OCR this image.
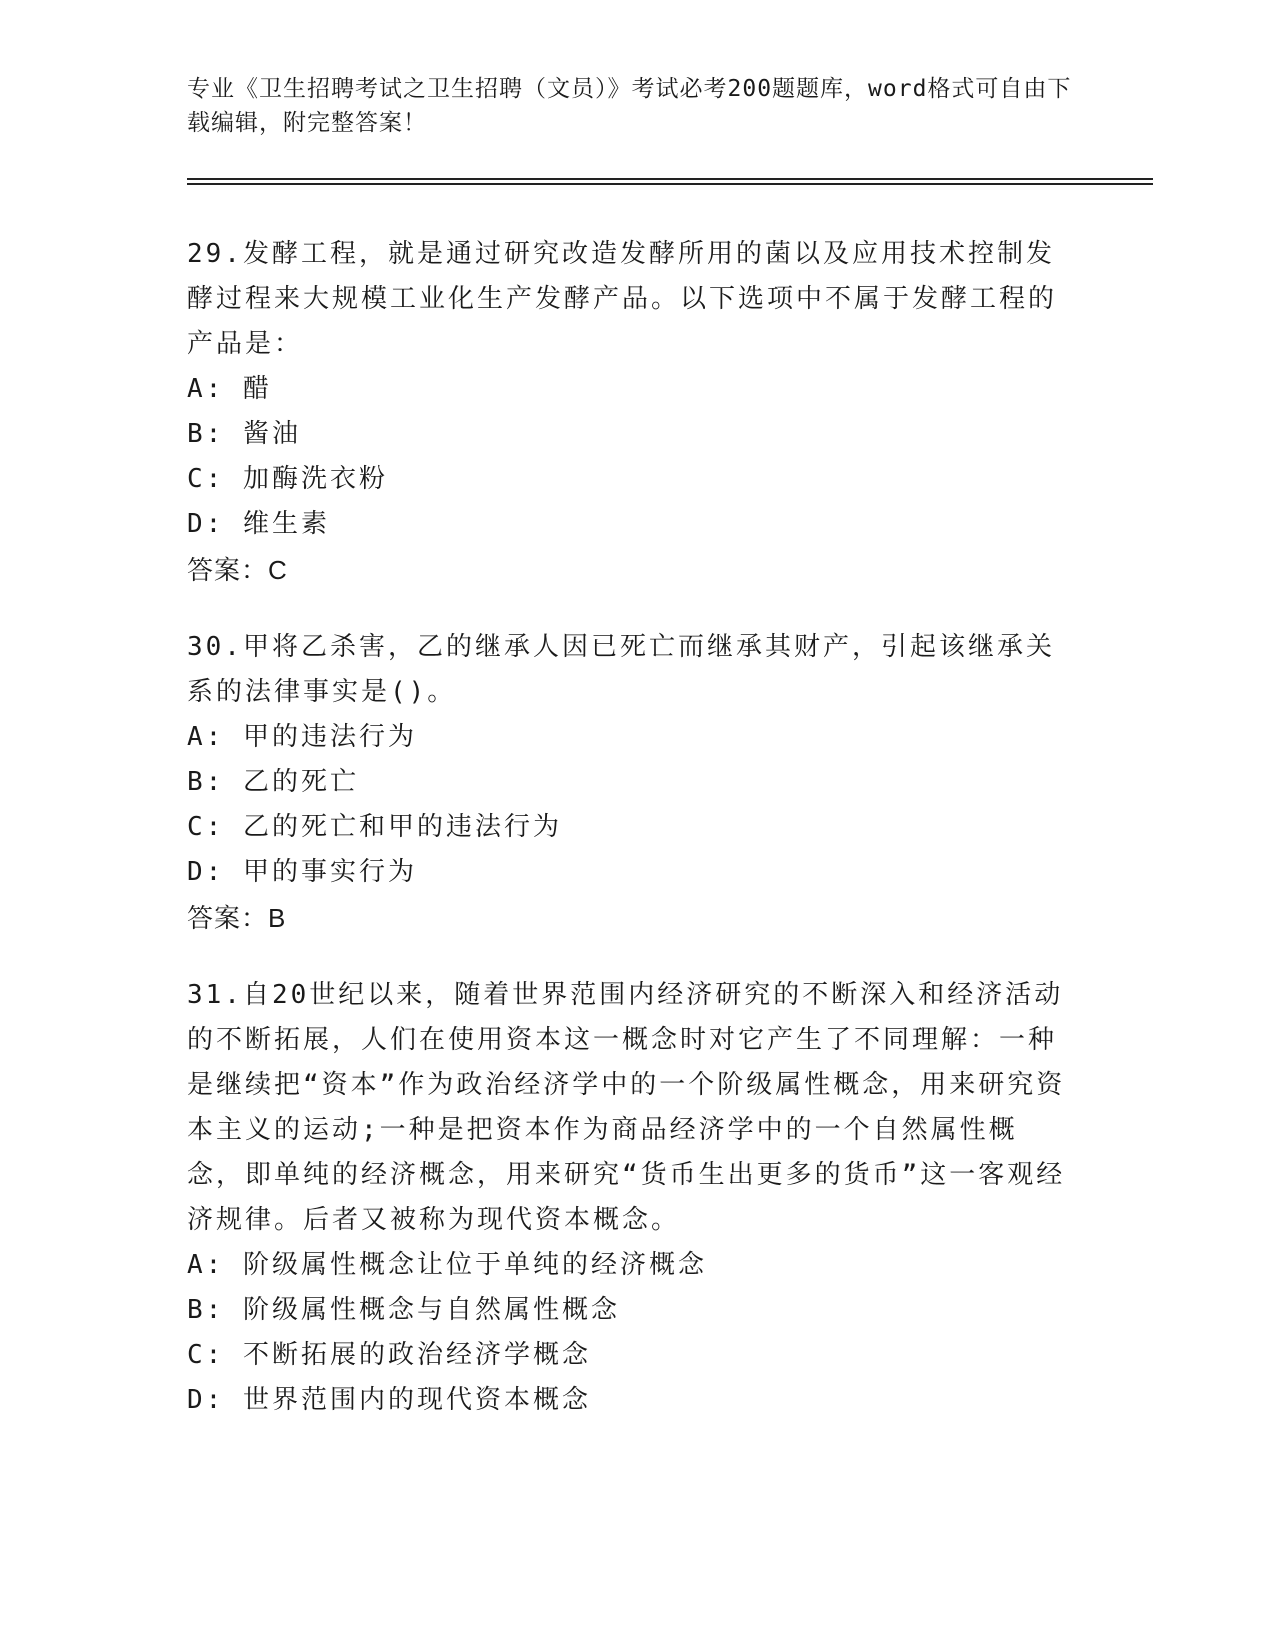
专业《卫生招聘考试之卫生招聘（文员）》考试必考200题题库，word格式可自由下载编辑，附完整答案！

29.发酵工程，就是通过研究改造发酵所用的菌以及应用技术控制发酵过程来大规模工业化生产发酵产品。以下选项中不属于发酵工程的产品是：

A: 醋
B: 酱油
C: 加酶洗衣粉
D: 维生素

答案：C

30.甲将乙杀害，乙的继承人因已死亡而继承其财产，引起该继承关系的法律事实是()。

A: 甲的违法行为
B: 乙的死亡
C: 乙的死亡和甲的违法行为
D: 甲的事实行为

答案：B

31.自20世纪以来，随着世界范围内经济研究的不断深入和经济活动的不断拓展，人们在使用资本这一概念时对它产生了不同理解：一种是继续把“资本”作为政治经济学中的一个阶级属性概念，用来研究资本主义的运动;一种是把资本作为商品经济学中的一个自然属性概念，即单纯的经济概念，用来研究“货币生出更多的货币”这一客观经济规律。后者又被称为现代资本概念。

A: 阶级属性概念让位于单纯的经济概念
B: 阶级属性概念与自然属性概念
C: 不断拓展的政治经济学概念
D: 世界范围内的现代资本概念
